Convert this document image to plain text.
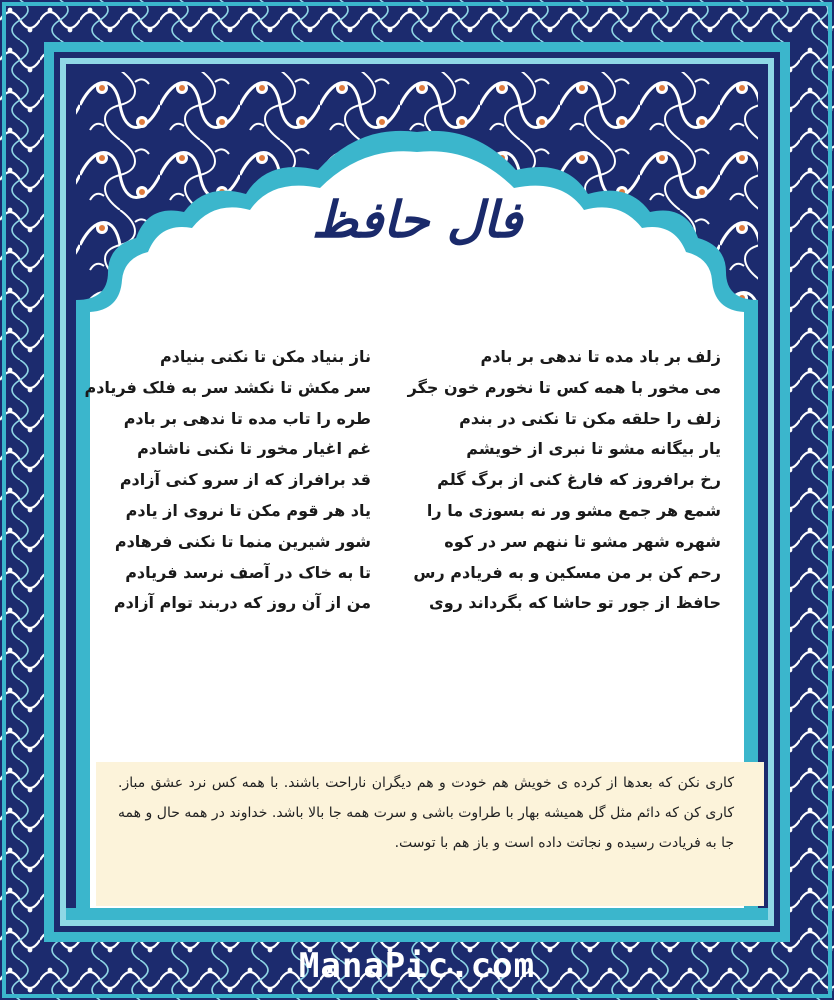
فال حافظ
زلف بر باد مده تا ندهی بر بادم
می مخور با همه کس تا نخورم خون جگر
زلف را حلقه مکن تا نکنی در بندم
یار بیگانه مشو تا نبری از خویشم
رخ برافروز که فارغ کنی از برگ گلم
شمع هر جمع مشو ور نه بسوزی ما را
شهره شهر مشو تا ننهم سر در کوه
رحم کن بر من مسکین و به فریادم رس
حافظ از جور تو حاشا که بگرداند روی
ناز بنیاد مکن تا نکنی بنیادم
سر مکش تا نکشد سر به فلک فریادم
طره را تاب مده تا ندهی بر بادم
غم اغیار مخور تا نکنی ناشادم
قد برافراز که از سرو کنی آزادم
یاد هر قوم مکن تا نروی از یادم
شور شیرین منما تا نکنی فرهادم
تا به خاک در آصف نرسد فریادم
من از آن روز که دربند توام آزادم
کاری نکن که بعدها از کرده ی خویش هم خودت و هم دیگران ناراحت باشند. با همه کس نرد عشق مباز. کاری کن که دائم مثل گل همیشه بهار با طراوت باشی و سرت همه جا بالا باشد. خداوند در همه حال و همه جا به فریادت رسیده و نجاتت داده است و باز هم با توست.
ManaPic.com
